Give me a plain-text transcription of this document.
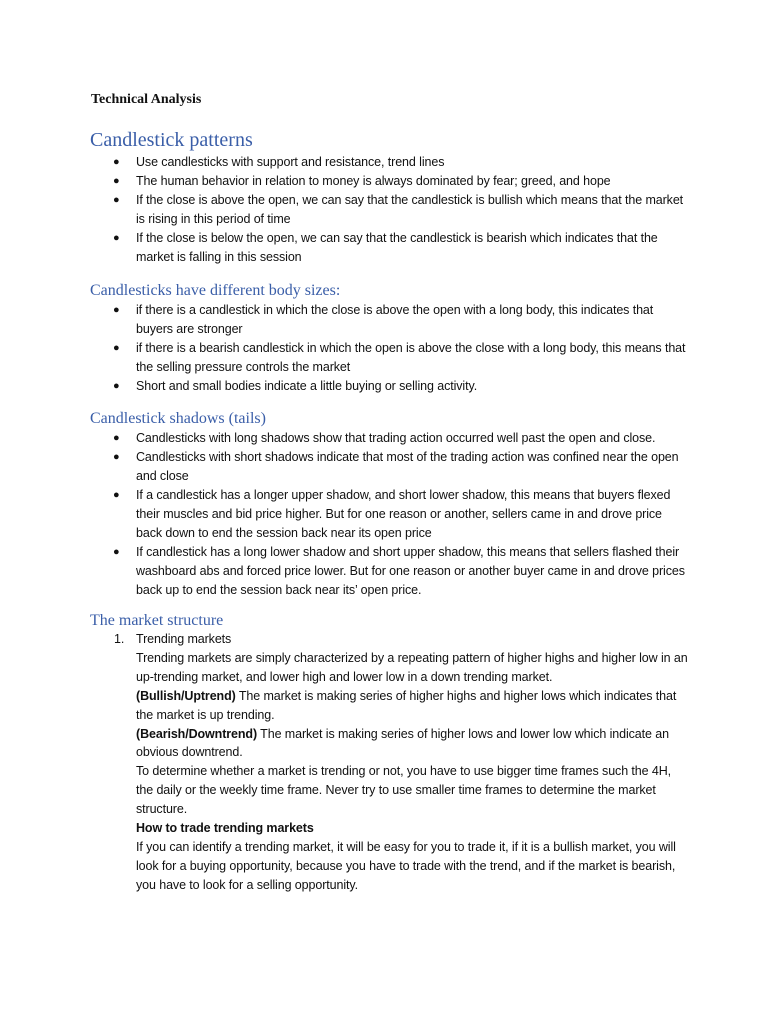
Technical Analysis
Candlestick patterns
● Use candlesticks with support and resistance, trend lines
● The human behavior in relation to money is always dominated by fear; greed, and hope
● If the close is above the open, we can say that the candlestick is bullish which means that the market is rising in this period of time
● If the close is below the open, we can say that the candlestick is bearish which indicates that the market is falling in this session
Candlesticks have different body sizes:
● if there is a candlestick in which the close is above the open with a long body, this indicates that buyers are stronger
● if there is a bearish candlestick in which the open is above the close with a long body, this means that the selling pressure controls the market
● Short and small bodies indicate a little buying or selling activity.
Candlestick shadows (tails)
● Candlesticks with long shadows show that trading action occurred well past the open and close.
● Candlesticks with short shadows indicate that most of the trading action was confined near the open and close
● If a candlestick has a longer upper shadow, and short lower shadow, this means that buyers flexed their muscles and bid price higher. But for one reason or another, sellers came in and drove price back down to end the session back near its open price
● If candlestick has a long lower shadow and short upper shadow, this means that sellers flashed their washboard abs and forced price lower. But for one reason or another buyer came in and drove prices back up to end the session back near its’ open price.
The market structure
1. Trending markets
Trending markets are simply characterized by a repeating pattern of higher highs and higher low in an up-trending market, and lower high and lower low in a down trending market.
(Bullish/Uptrend) The market is making series of higher highs and higher lows which indicates that the market is up trending.
(Bearish/Downtrend) The market is making series of higher lows and lower low which indicate an obvious downtrend.
To determine whether a market is trending or not, you have to use bigger time frames such the 4H, the daily or the weekly time frame. Never try to use smaller time frames to determine the market structure.
How to trade trending markets
If you can identify a trending market, it will be easy for you to trade it, if it is a bullish market, you will look for a buying opportunity, because you have to trade with the trend, and if the market is bearish, you have to look for a selling opportunity.
